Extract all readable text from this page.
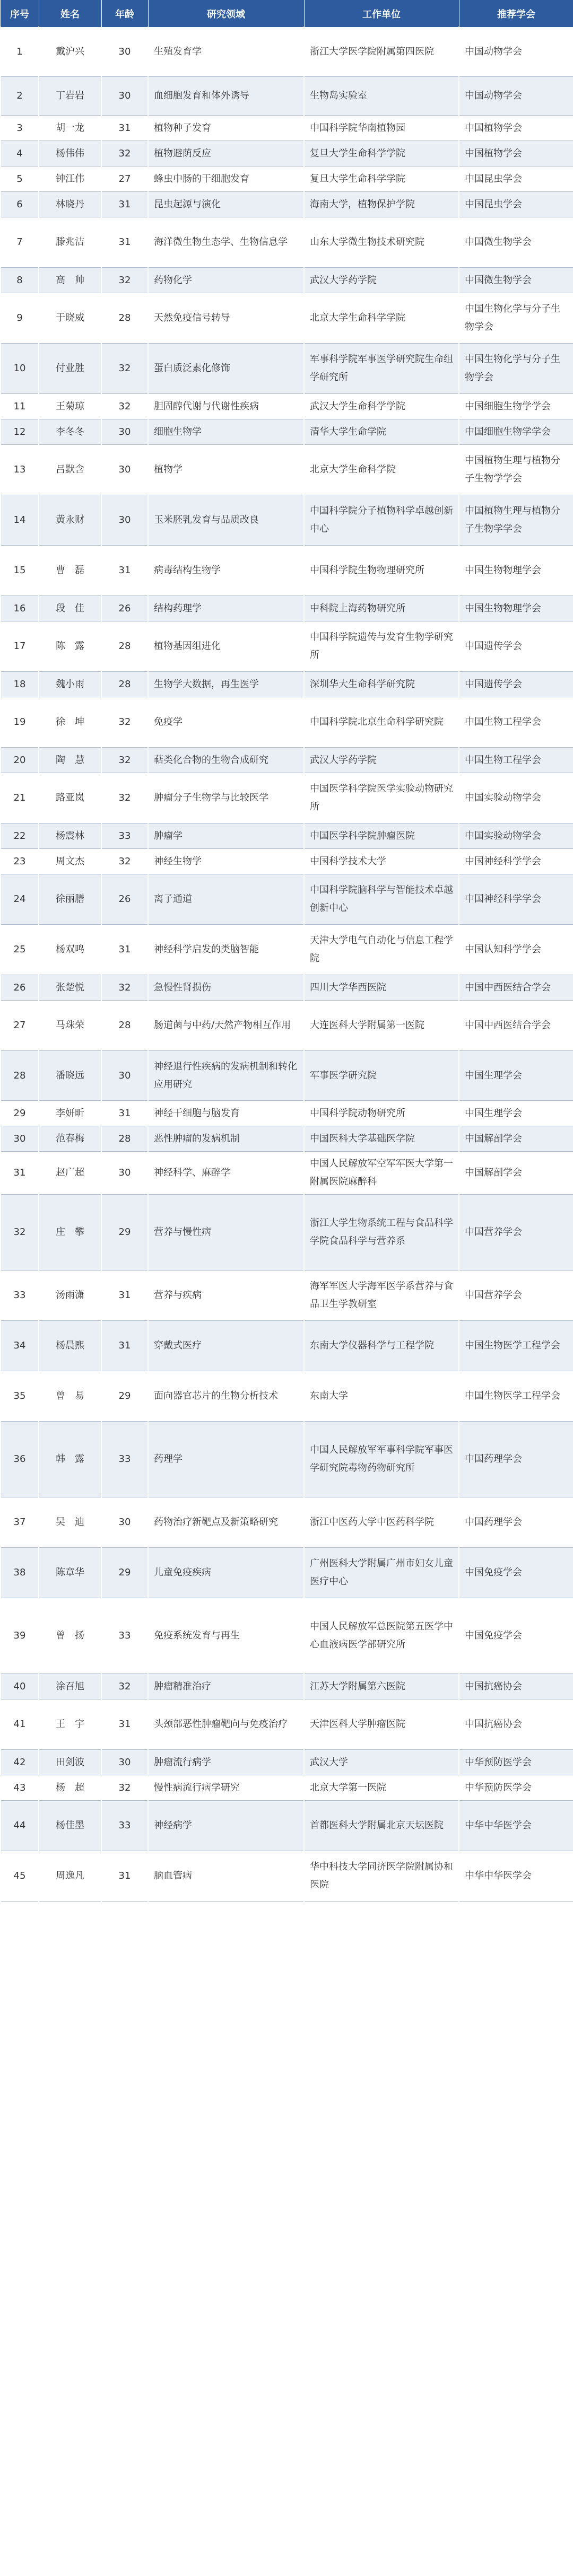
序号	姓名	年龄	研究领域	工作单位	推荐学会
1	戴沪兴	30	生殖发育学	浙江大学医学院附属第四医院	中国动物学会
2	丁岩岩	30	血细胞发育和体外诱导	生物岛实验室	中国动物学会
3	胡一龙	31	植物种子发育	中国科学院华南植物园	中国植物学会
4	杨伟伟	32	植物避荫反应	复旦大学生命科学学院	中国植物学会
5	钟江伟	27	蜂虫中肠的干细胞发育	复旦大学生命科学学院	中国昆虫学会
6	林晓丹	31	昆虫起源与演化	海南大学，植物保护学院	中国昆虫学会
7	滕兆洁	31	海洋微生物生态学、生物信息学	山东大学微生物技术研究院	中国微生物学会
8	高　帅	32	药物化学	武汉大学药学院	中国微生物学会
9	于晓威	28	天然免疫信号转导	北京大学生命科学学院	中国生物化学与分子生物学会
10	付业胜	32	蛋白质泛素化修饰	军事科学院军事医学研究院生命组学研究所	中国生物化学与分子生物学会
11	王菊琼	32	胆固醇代谢与代谢性疾病	武汉大学生命科学学院	中国细胞生物学学会
12	李冬冬	30	细胞生物学	清华大学生命学院	中国细胞生物学学会
13	吕默含	30	植物学	北京大学生命科学院	中国植物生理与植物分子生物学学会
14	黄永财	30	玉米胚乳发育与品质改良	中国科学院分子植物科学卓越创新中心	中国植物生理与植物分子生物学学会
15	曹　磊	31	病毒结构生物学	中国科学院生物物理研究所	中国生物物理学会
16	段　佳	26	结构药理学	中科院上海药物研究所	中国生物物理学会
17	陈　露	28	植物基因组进化	中国科学院遗传与发育生物学研究所	中国遗传学会
18	魏小雨	28	生物学大数据，再生医学	深圳华大生命科学研究院	中国遗传学会
19	徐　坤	32	免疫学	中国科学院北京生命科学研究院	中国生物工程学会
20	陶　慧	32	萜类化合物的生物合成研究	武汉大学药学院	中国生物工程学会
21	路亚岚	32	肿瘤分子生物学与比较医学	中国医学科学院医学实验动物研究所	中国实验动物学会
22	杨震林	33	肿瘤学	中国医学科学院肿瘤医院	中国实验动物学会
23	周文杰	32	神经生物学	中国科学技术大学	中国神经科学学会
24	徐丽膳	26	离子通道	中国科学院脑科学与智能技术卓越创新中心	中国神经科学学会
25	杨双鸣	31	神经科学启发的类脑智能	天津大学电气自动化与信息工程学院	中国认知科学学会
26	张楚悦	32	急慢性肾损伤	四川大学华西医院	中国中西医结合学会
27	马珠荣	28	肠道菌与中药/天然产物相互作用	大连医科大学附属第一医院	中国中西医结合学会
28	潘晓远	30	神经退行性疾病的发病机制和转化应用研究	军事医学研究院	中国生理学会
29	李妍昕	31	神经干细胞与脑发育	中国科学院动物研究所	中国生理学会
30	范春梅	28	恶性肿瘤的发病机制	中国医科大学基础医学院	中国解剖学会
31	赵广超	30	神经科学、麻醉学	中国人民解放军空军军医大学第一附属医院麻醉科	中国解剖学会
32	庄　攀	29	营养与慢性病	浙江大学生物系统工程与食品科学学院食品科学与营养系	中国营养学会
33	汤雨潇	31	营养与疾病	海军军医大学海军医学系营养与食品卫生学教研室	中国营养学会
34	杨晨熙	31	穿戴式医疗	东南大学仪器科学与工程学院	中国生物医学工程学会
35	曾　易	29	面向器官芯片的生物分析技术	东南大学	中国生物医学工程学会
36	韩　露	33	药理学	中国人民解放军军事科学院军事医学研究院毒物药物研究所	中国药理学会
37	吴　迪	30	药物治疗新靶点及新策略研究	浙江中医药大学中医药科学院	中国药理学会
38	陈章华	29	儿童免疫疾病	广州医科大学附属广州市妇女儿童医疗中心	中国免疫学会
39	曾　扬	33	免疫系统发育与再生	中国人民解放军总医院第五医学中心血液病医学部研究所	中国免疫学会
40	涂召旭	32	肿瘤精准治疗	江苏大学附属第六医院	中国抗癌协会
41	王　宇	31	头颈部恶性肿瘤靶向与免疫治疗	天津医科大学肿瘤医院	中国抗癌协会
42	田剑波	30	肿瘤流行病学	武汉大学	中华预防医学会
43	杨　超	32	慢性病流行病学研究	北京大学第一医院	中华预防医学会
44	杨佳墨	33	神经病学	首都医科大学附属北京天坛医院	中华中华医学会
45	周逸凡	31	脑血管病	华中科技大学同济医学院附属协和医院	中华中华医学会
